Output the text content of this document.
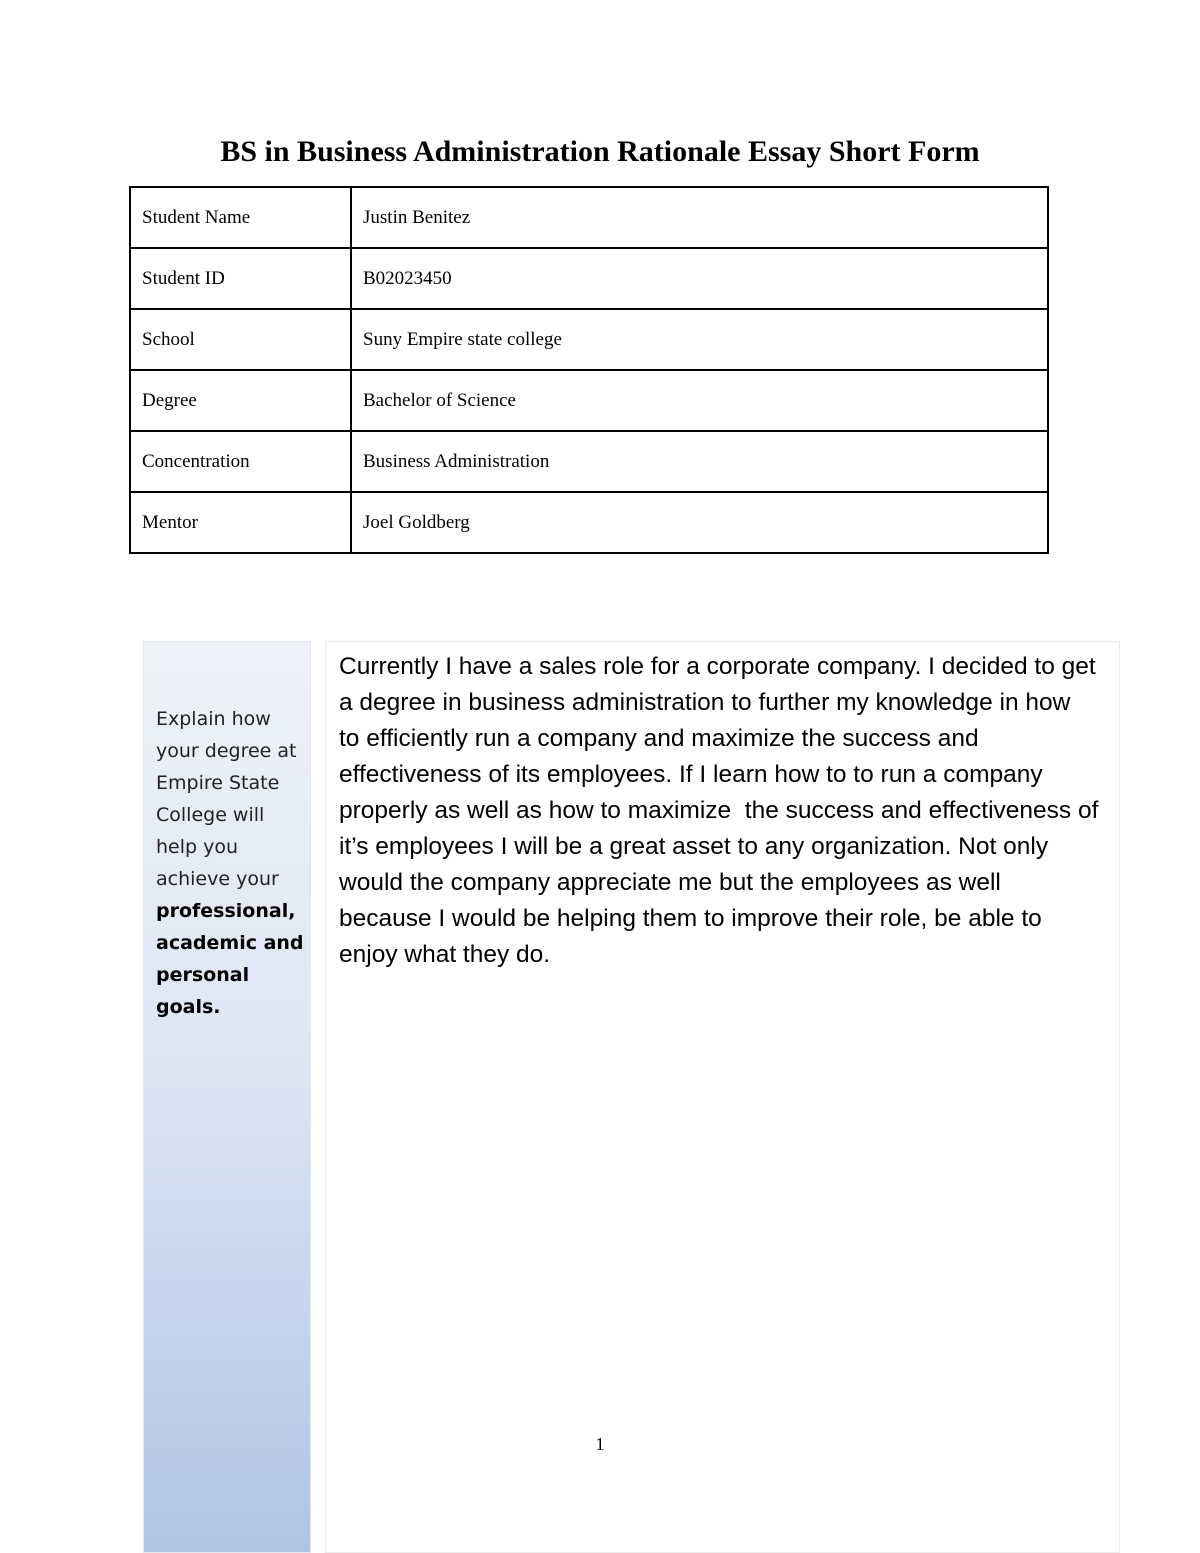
BS in Business Administration Rationale Essay Short Form
Student Name	Justin Benitez
Student ID	B02023450
School	Suny Empire state college
Degree	Bachelor of Science
Concentration	Business Administration
Mentor	Joel Goldberg
Explain how your degree at Empire State College will help you achieve your professional, academic and personal goals.

Currently I have a sales role for a corporate company. I decided to get a degree in business administration to further my knowledge in how  to efficiently run a company and maximize the success and effectiveness of its employees. If I learn how to to run a company properly as well as how to maximize  the success and effectiveness of it’s employees I will be a great asset to any organization. Not only would the company appreciate me but the employees as well because I would be helping them to improve their role, be able to enjoy what they do.

1
